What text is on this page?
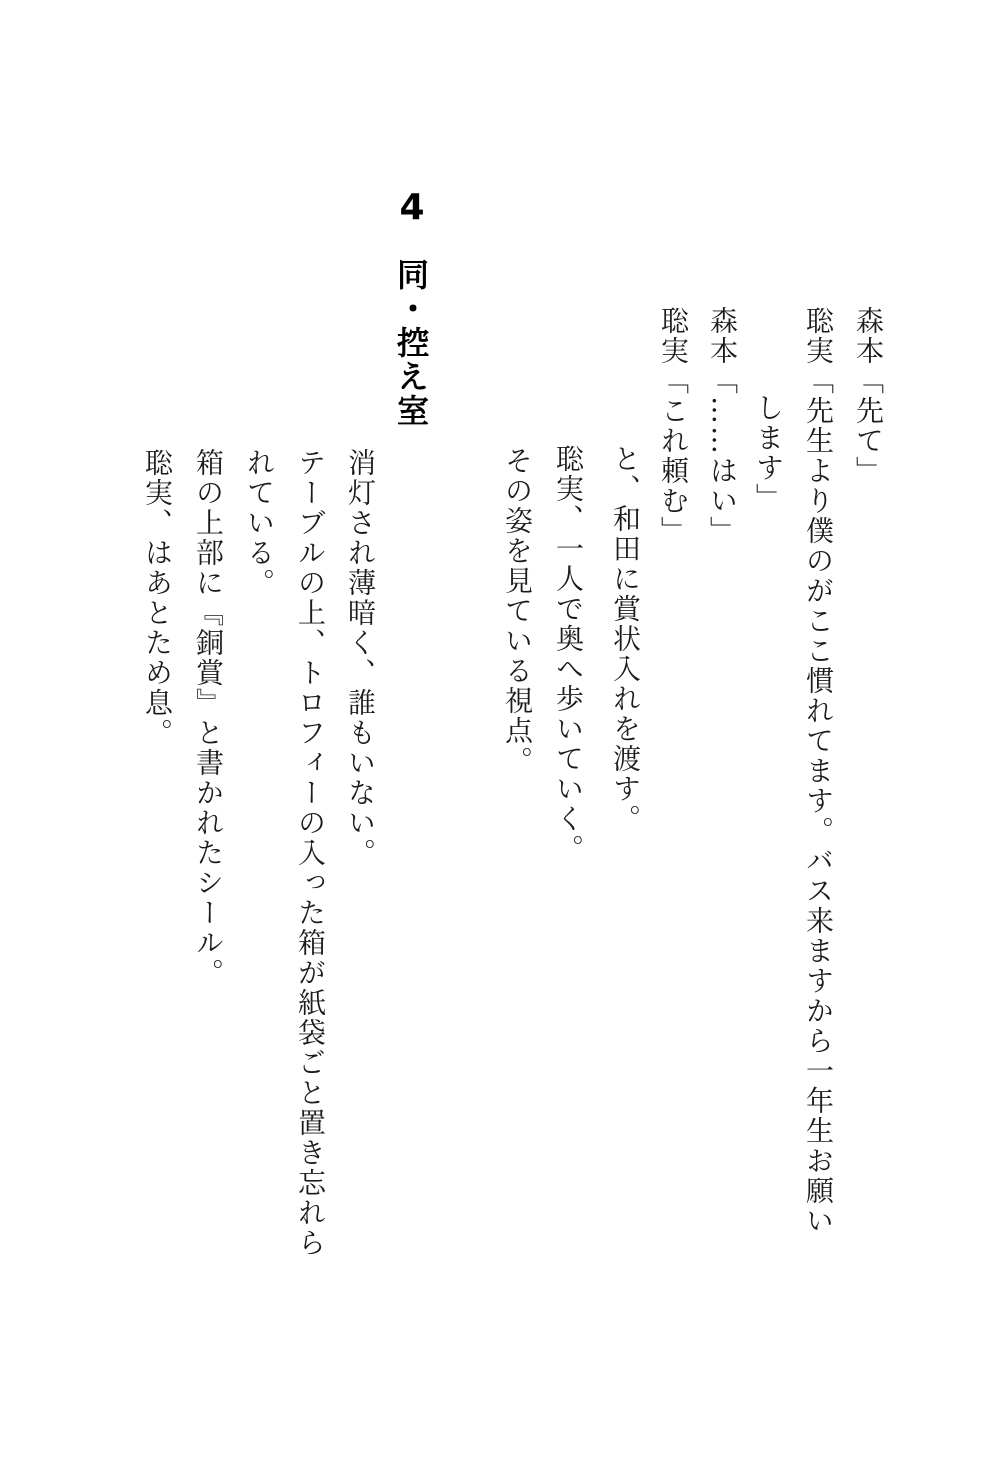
森本「先て」
聡実「先生より僕のがここ慣れてます。バス来ますから一年生お願い
します」
森本「……はい」
聡実「これ頼む」
と、和田に賞状入れを渡す。
聡実、一人で奥へ歩いていく。
その姿を見ている視点。
4
同・控え室
消灯され薄暗く、誰もいない。
テーブルの上、トロフィーの入った箱が紙袋ごと置き忘れら
れている。
箱の上部に『銅賞』と書かれたシール。
聡実、はあとため息。
